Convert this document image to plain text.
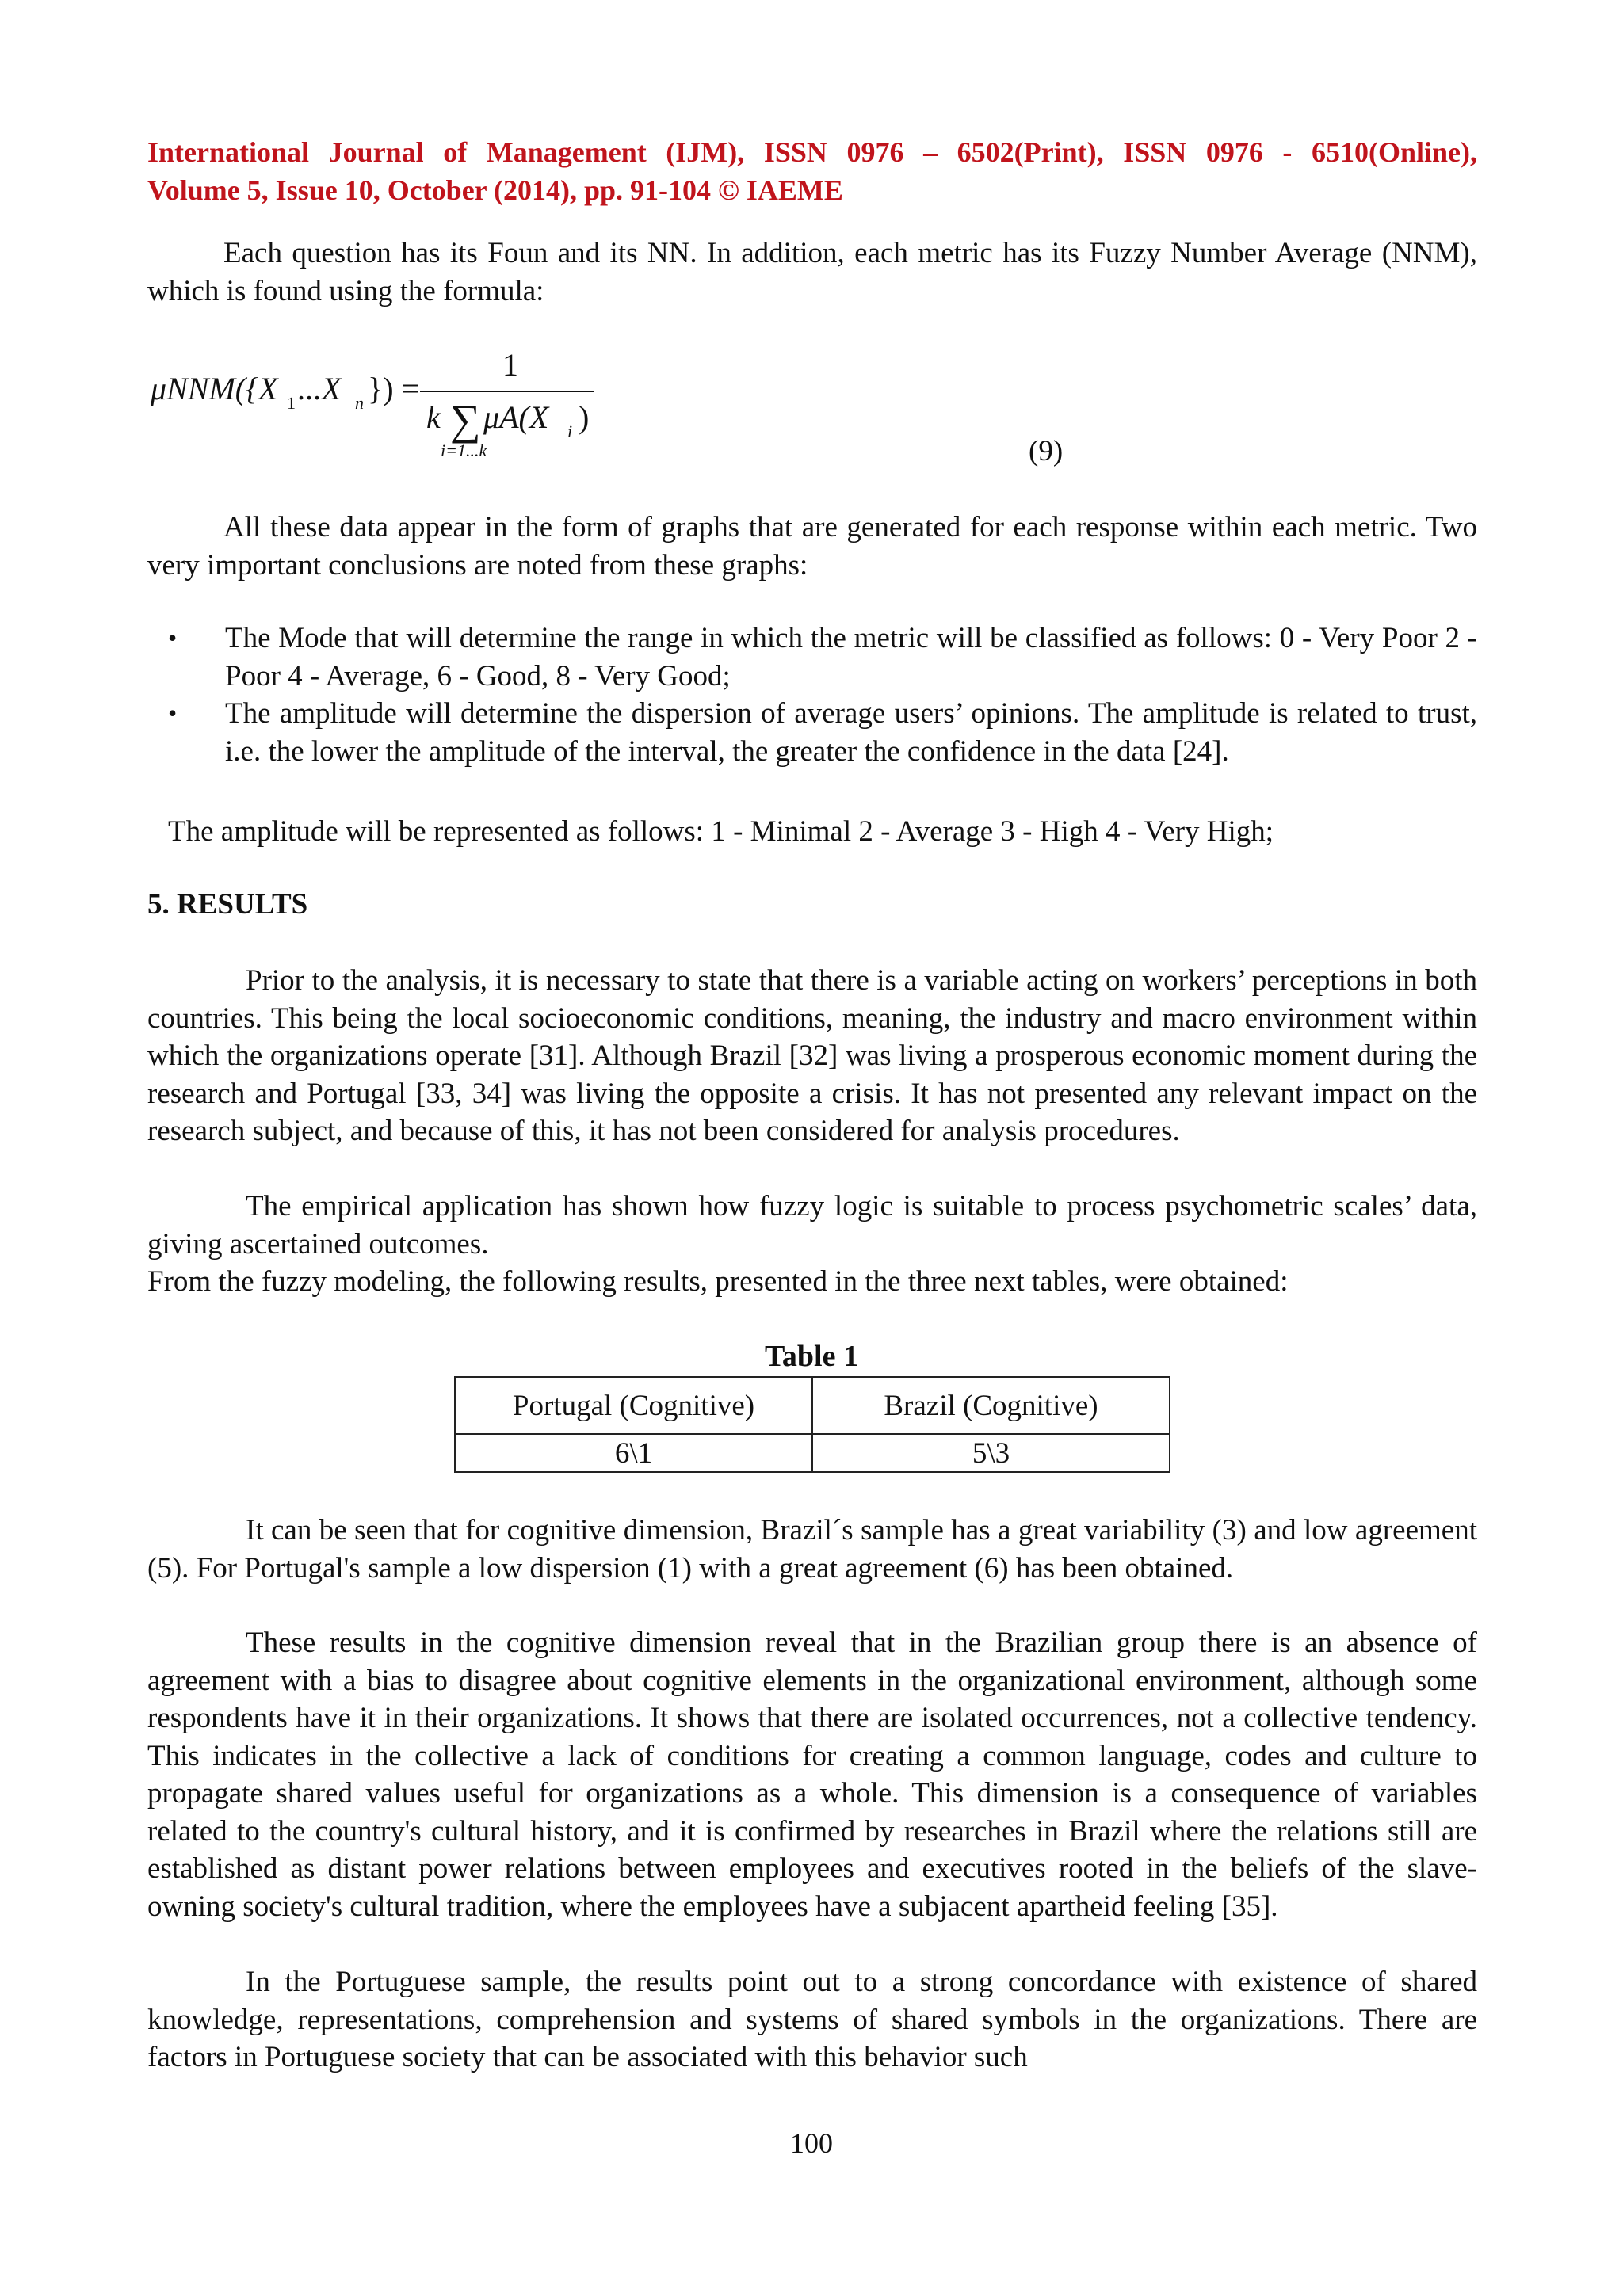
International Journal of Management (IJM), ISSN 0976 – 6502(Print), ISSN 0976 - 6510(Online),
Volume 5, Issue 10, October (2014), pp. 91-104 © IAEME

Each question has its Foun and its NN. In addition, each metric has its Fuzzy Number Average (NNM), which is found using the formula:

μNNM({X 1 ...X n }) =
1
k ∑ μA(X i )
i=1...k	(9)

All these data appear in the form of graphs that are generated for each response within each metric. Two very important conclusions are noted from these graphs:

• The Mode that will determine the range in which the metric will be classified as follows: 0 - Very Poor 2 - Poor 4 - Average, 6 - Good, 8 - Very Good;
• The amplitude will determine the dispersion of average users’ opinions. The amplitude is related to trust, i.e. the lower the amplitude of the interval, the greater the confidence in the data [24].
The amplitude will be represented as follows: 1 - Minimal 2 - Average 3 - High 4 - Very High;
5. RESULTS

Prior to the analysis, it is necessary to state that there is a variable acting on workers’ perceptions in both countries. This being the local socioeconomic conditions, meaning, the industry and macro environment within which the organizations operate [31]. Although Brazil [32] was living a prosperous economic moment during the research and Portugal [33, 34] was living the opposite a crisis. It has not presented any relevant impact on the research subject, and because of this, it has not been considered for analysis procedures.

The empirical application has shown how fuzzy logic is suitable to process psychometric scales’ data, giving ascertained outcomes.

From the fuzzy modeling, the following results, presented in the three next tables, were obtained:

Table 1
Portugal (Cognitive)	Brazil (Cognitive)
6\1	5\3

It can be seen that for cognitive dimension, Brazil´s sample has a great variability (3) and low agreement (5). For Portugal's sample a low dispersion (1) with a great agreement (6) has been obtained.

These results in the cognitive dimension reveal that in the Brazilian group there is an absence of agreement with a bias to disagree about cognitive elements in the organizational environment, although some respondents have it in their organizations. It shows that there are isolated occurrences, not a collective tendency. This indicates in the collective a lack of conditions for creating a common language, codes and culture to propagate shared values useful for organizations as a whole. This dimension is a consequence of variables related to the country's cultural history, and it is confirmed by researches in Brazil where the relations still are established as distant power relations between employees and executives rooted in the beliefs of the slave-owning society's cultural tradition, where the employees have a subjacent apartheid feeling [35].

In the Portuguese sample, the results point out to a strong concordance with existence of shared knowledge, representations, comprehension and systems of shared symbols in the organizations. There are factors in Portuguese society that can be associated with this behavior such

100
